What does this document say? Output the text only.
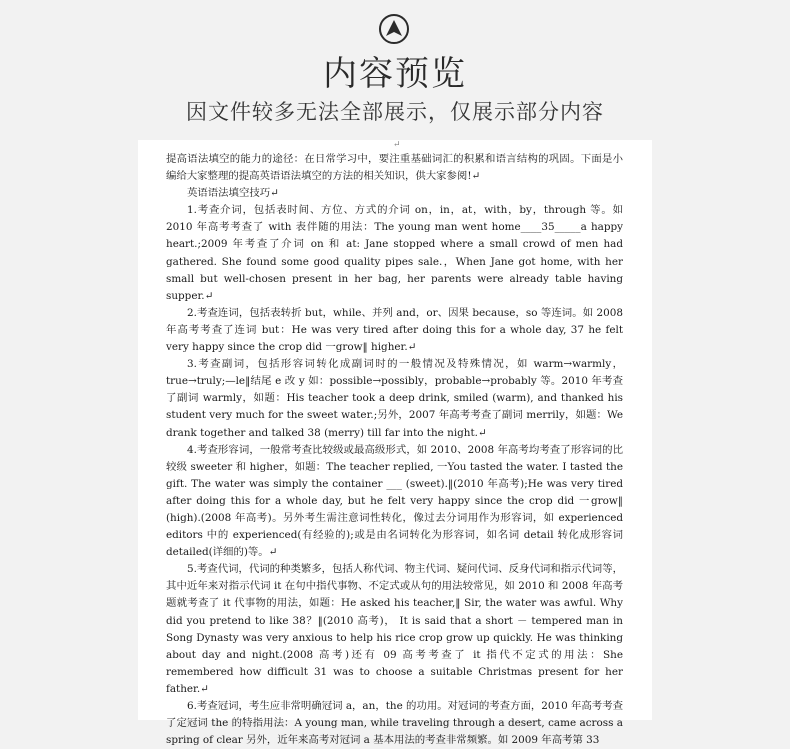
内容预览
因文件较多无法全部展示，仅展示部分内容
↵

提高语法填空的能力的途径：在日常学习中，要注重基础词汇的积累和语言结构的巩固。下面是小编给大家整理的提高英语语法填空的方法的相关知识，供大家参阅!↵

英语语法填空技巧↵

1.考查介词，包括表时间、方位、方式的介词 on，in，at，with，by，through 等。如 2010 年高考考查了 with 表伴随的用法：The young man went home____35_____a happy heart.;2009 年考查了介词 on 和 at: Jane stopped where a small crowd of men had gathered. She found some good quality pipes sale.，When Jane got home, with her small but well-chosen present in her bag, her parents were already table having supper.↵

2.考查连词，包括表转折 but，while、并列 and，or、因果 because，so 等连词。如 2008 年高考考查了连词 but：He was very tired after doing this for a whole day, 37 he felt very happy since the crop did 一grow‖ higher.↵

3.考查副词，包括形容词转化成副词时的一般情况及特殊情况，如 warm→warmly，true→truly;—le‖结尾 e 改 y 如：possible→possibly，probable→probably 等。2010 年考查了副词 warmly，如题：His teacher took a deep drink, smiled (warm), and thanked his student very much for the sweet water.;另外，2007 年高考考查了副词 merrily，如题：We drank together and talked 38 (merry) till far into the night.↵

4.考查形容词，一般常考查比较级或最高级形式，如 2010、2008 年高考均考查了形容词的比较级 sweeter 和 higher，如题：The teacher replied, 一You tasted the water. I tasted the gift. The water was simply the container ___ (sweet).‖(2010 年高考);He was very tired after doing this for a whole day, but he felt very happy since the crop did 一grow‖ (high).(2008 年高考)。另外考生需注意词性转化，像过去分词用作为形容词，如 experienced editors 中的 experienced(有经验的);或是由名词转化为形容词，如名词 detail 转化成形容词 detailed(详细的)等。↵

5.考查代词，代词的种类繁多，包括人称代词、物主代词、疑问代词、反身代词和指示代词等，其中近年来对指示代词 it 在句中指代事物、不定式或从句的用法较常见，如 2010 和 2008 年高考题就考查了 it 代事物的用法，如题：He asked his teacher,‖ Sir, the water was awful. Why did you pretend to like 38？‖(2010 高考)， It is said that a short － tempered man in Song Dynasty was very anxious to help his rice crop grow up quickly. He was thinking about day and night.(2008 高考)还有 09 高考考查了 it 指代不定式的用法：She remembered how difficult 31 was to choose a suitable Christmas present for her father.↵

6.考查冠词，考生应非常明确冠词 a，an，the 的功用。对冠词的考查方面，2010 年高考考查了定冠词 the 的特指用法：A young man, while traveling through a desert, came across a spring of clear 另外，近年来高考对冠词 a 基本用法的考查非常频繁。如 2009 年高考第 33
